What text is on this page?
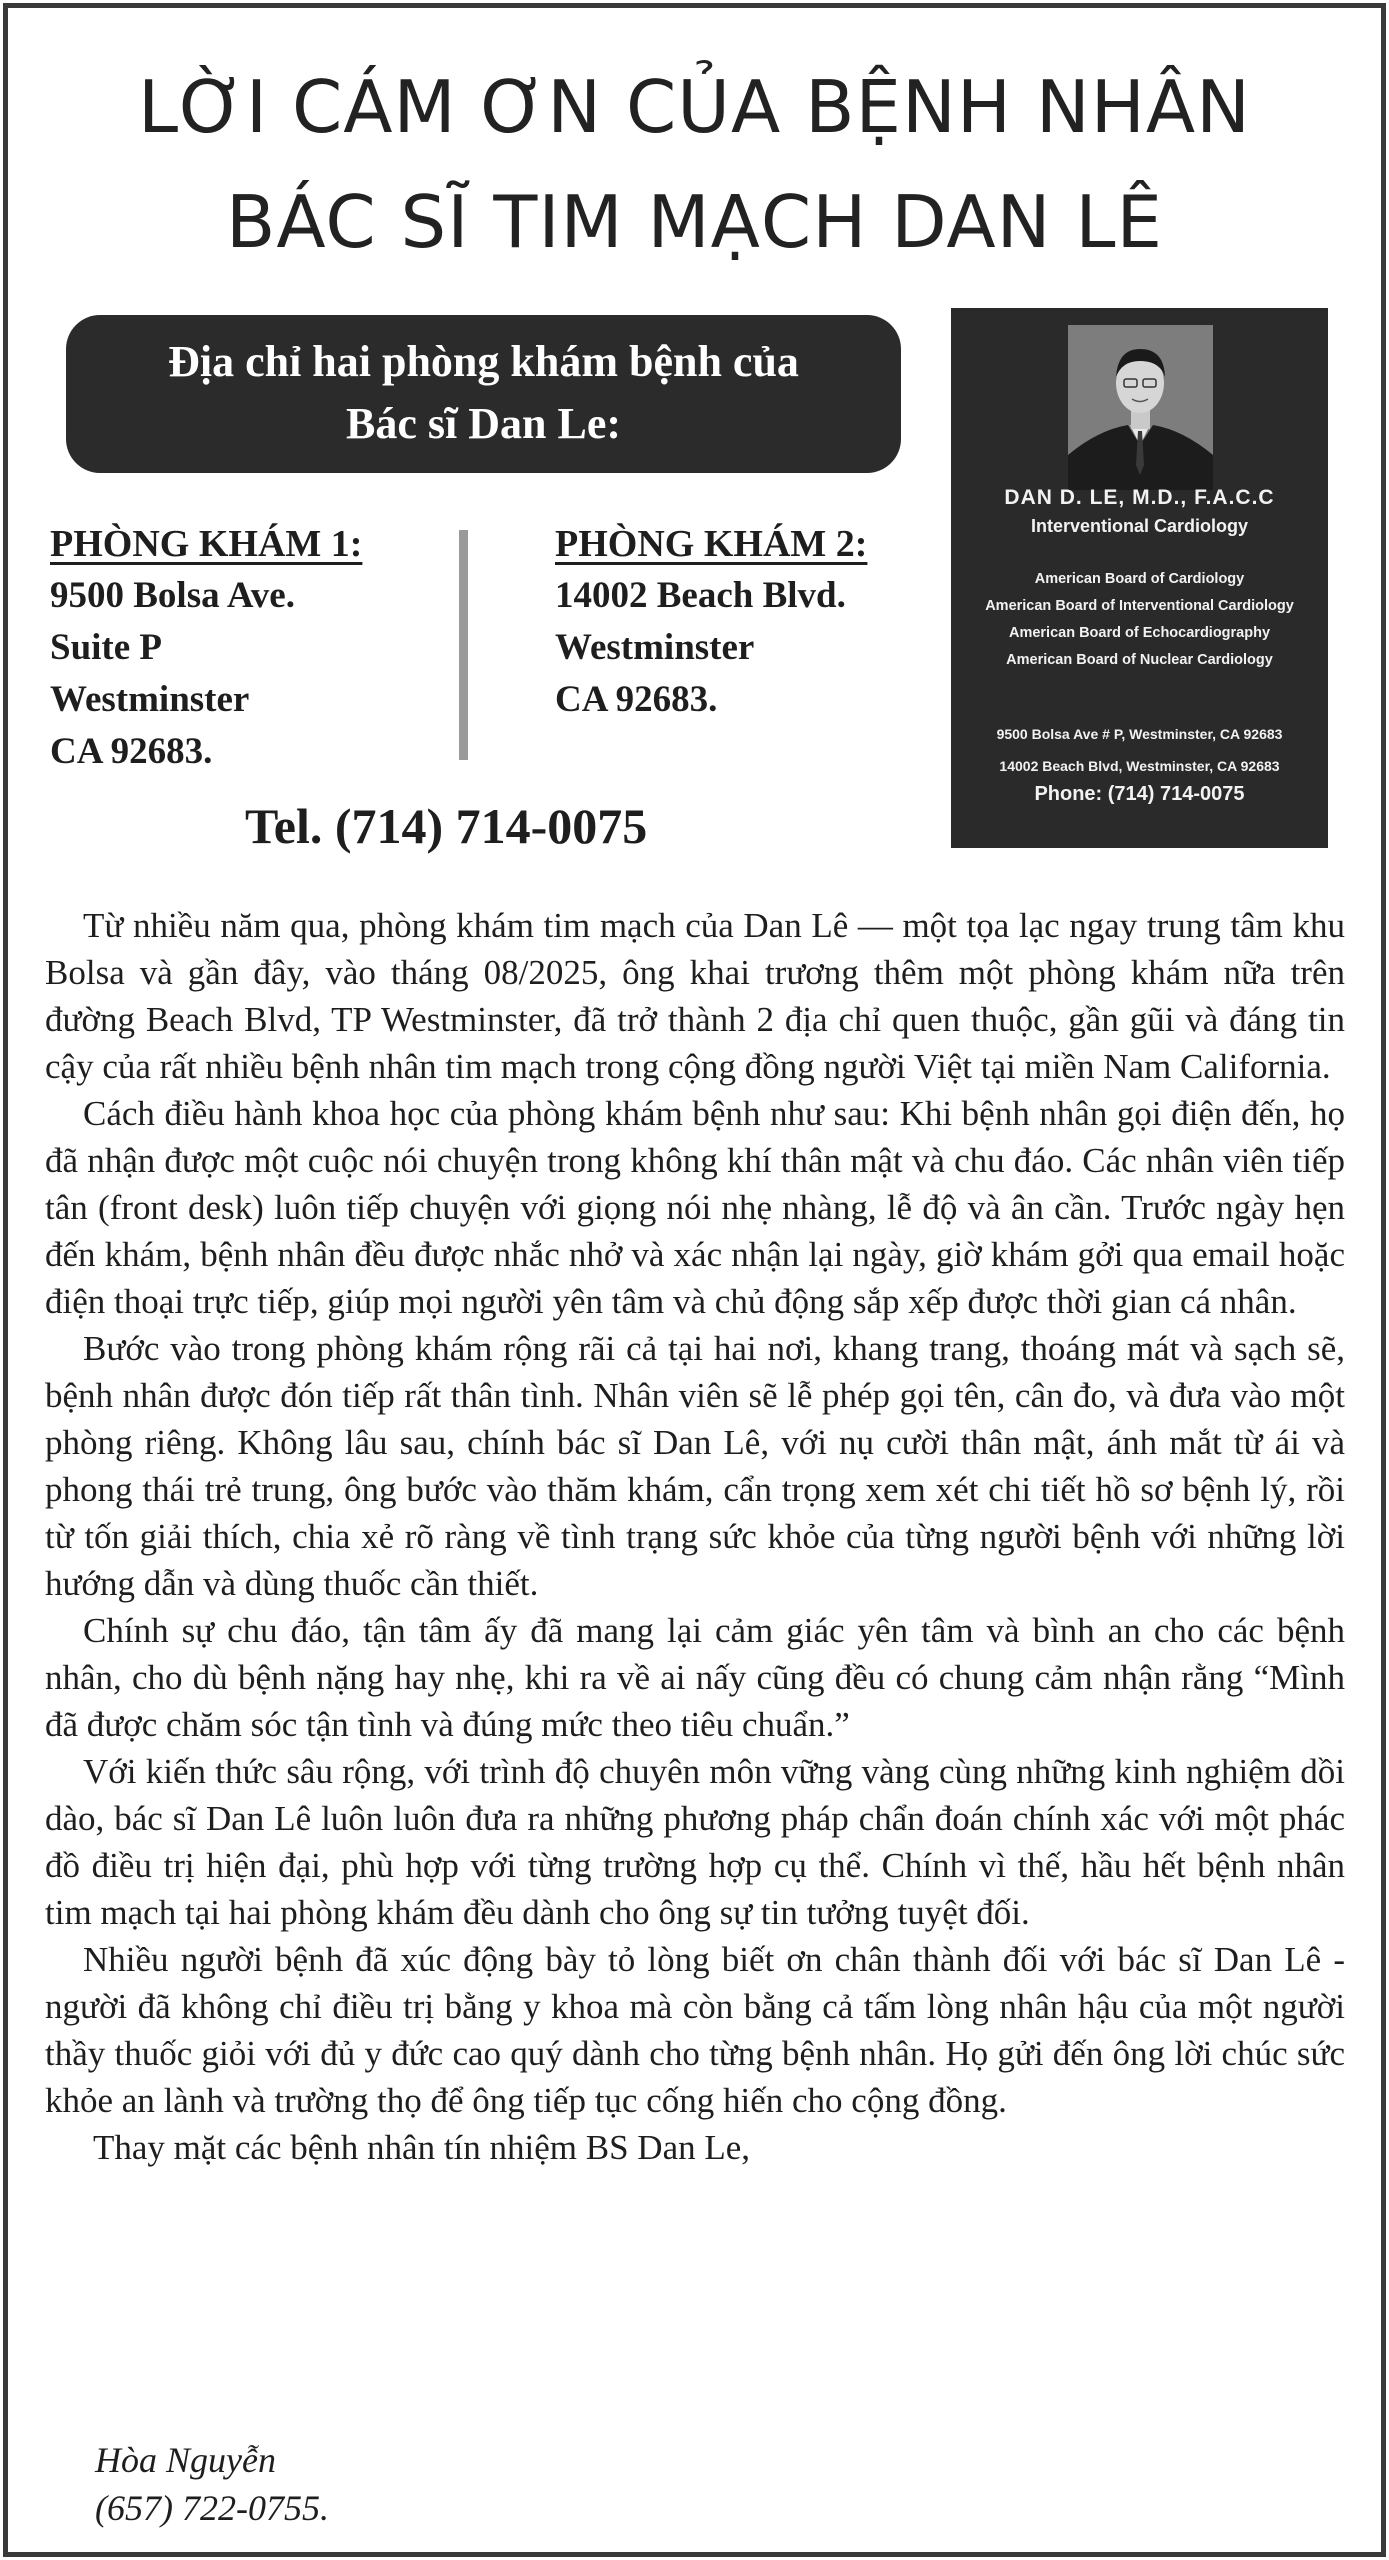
LỜI CÁM ƠN CỦA BỆNH NHÂN
BÁC SĨ TIM MẠCH DAN LÊ
Địa chỉ hai phòng khám bệnh của
Bác sĩ Dan Le:
PHÒNG KHÁM 1:
9500 Bolsa Ave.
Suite P
Westminster
CA 92683.
PHÒNG KHÁM 2:
14002 Beach Blvd.
Westminster
CA 92683.
Tel. (714) 714-0075
DAN D. LE, M.D., F.A.C.C
Interventional Cardiology
American Board of Cardiology
American Board of Interventional Cardiology
American Board of Echocardiography
American Board of Nuclear Cardiology
9500 Bolsa Ave # P, Westminster, CA 92683
14002 Beach Blvd, Westminster, CA 92683
Phone: (714) 714-0075

Từ nhiều năm qua, phòng khám tim mạch của Dan Lê — một tọa lạc ngay trung tâm khu Bolsa và gần đây, vào tháng 08/2025, ông khai trương thêm một phòng khám nữa trên đường Beach Blvd, TP Westminster, đã trở thành 2 địa chỉ quen thuộc, gần gũi và đáng tin cậy của rất nhiều bệnh nhân tim mạch trong cộng đồng người Việt tại miền Nam California.

Cách điều hành khoa học của phòng khám bệnh như sau: Khi bệnh nhân gọi điện đến, họ đã nhận được một cuộc nói chuyện trong không khí thân mật và chu đáo. Các nhân viên tiếp tân (front desk) luôn tiếp chuyện với giọng nói nhẹ nhàng, lễ độ và ân cần. Trước ngày hẹn đến khám, bệnh nhân đều được nhắc nhở và xác nhận lại ngày, giờ khám gởi qua email hoặc điện thoại trực tiếp, giúp mọi người yên tâm và chủ động sắp xếp được thời gian cá nhân.

Bước vào trong phòng khám rộng rãi cả tại hai nơi, khang trang, thoáng mát và sạch sẽ, bệnh nhân được đón tiếp rất thân tình. Nhân viên sẽ lễ phép gọi tên, cân đo, và đưa vào một phòng riêng. Không lâu sau, chính bác sĩ Dan Lê, với nụ cười thân mật, ánh mắt từ ái và phong thái trẻ trung, ông bước vào thăm khám, cẩn trọng xem xét chi tiết hồ sơ bệnh lý, rồi từ tốn giải thích, chia xẻ rõ ràng về tình trạng sức khỏe của từng người bệnh với những lời hướng dẫn và dùng thuốc cần thiết.

Chính sự chu đáo, tận tâm ấy đã mang lại cảm giác yên tâm và bình an cho các bệnh nhân, cho dù bệnh nặng hay nhẹ, khi ra về ai nấy cũng đều có chung cảm nhận rằng “Mình đã được chăm sóc tận tình và đúng mức theo tiêu chuẩn.”

Với kiến thức sâu rộng, với trình độ chuyên môn vững vàng cùng những kinh nghiệm dồi dào, bác sĩ Dan Lê luôn luôn đưa ra những phương pháp chẩn đoán chính xác với một phác đồ điều trị hiện đại, phù hợp với từng trường hợp cụ thể. Chính vì thế, hầu hết bệnh nhân tim mạch tại hai phòng khám đều dành cho ông sự tin tưởng tuyệt đối.

Nhiều người bệnh đã xúc động bày tỏ lòng biết ơn chân thành đối với bác sĩ Dan Lê - người đã không chỉ điều trị bằng y khoa mà còn bằng cả tấm lòng nhân hậu của một người thầy thuốc giỏi với đủ y đức cao quý dành cho từng bệnh nhân. Họ gửi đến ông lời chúc sức khỏe an lành và trường thọ để ông tiếp tục cống hiến cho cộng đồng.

Thay mặt các bệnh nhân tín nhiệm BS Dan Le,

Hòa Nguyễn
(657) 722-0755.
